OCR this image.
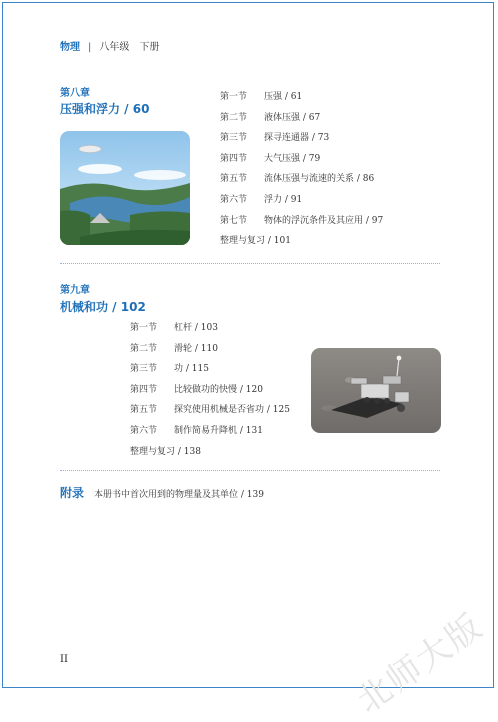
物理 | 八年级　下册
第八章
压强和浮力 / 60
第一节	压强 / 61
第二节	液体压强 / 67
第三节	探寻连通器 / 73
第四节	大气压强 / 79
第五节	流体压强与流速的关系 / 86
第六节	浮力 / 91
第七节	物体的浮沉条件及其应用 / 97
整理与复习 / 101
第九章
机械和功 / 102
第一节	杠杆 / 103
第二节	滑轮 / 110
第三节	功 / 115
第四节	比较做功的快慢 / 120
第五节	探究使用机械是否省功 / 125
第六节	制作简易升降机 / 131
整理与复习 / 138
附录 本册书中首次用到的物理量及其单位 / 139
II	北师大版
